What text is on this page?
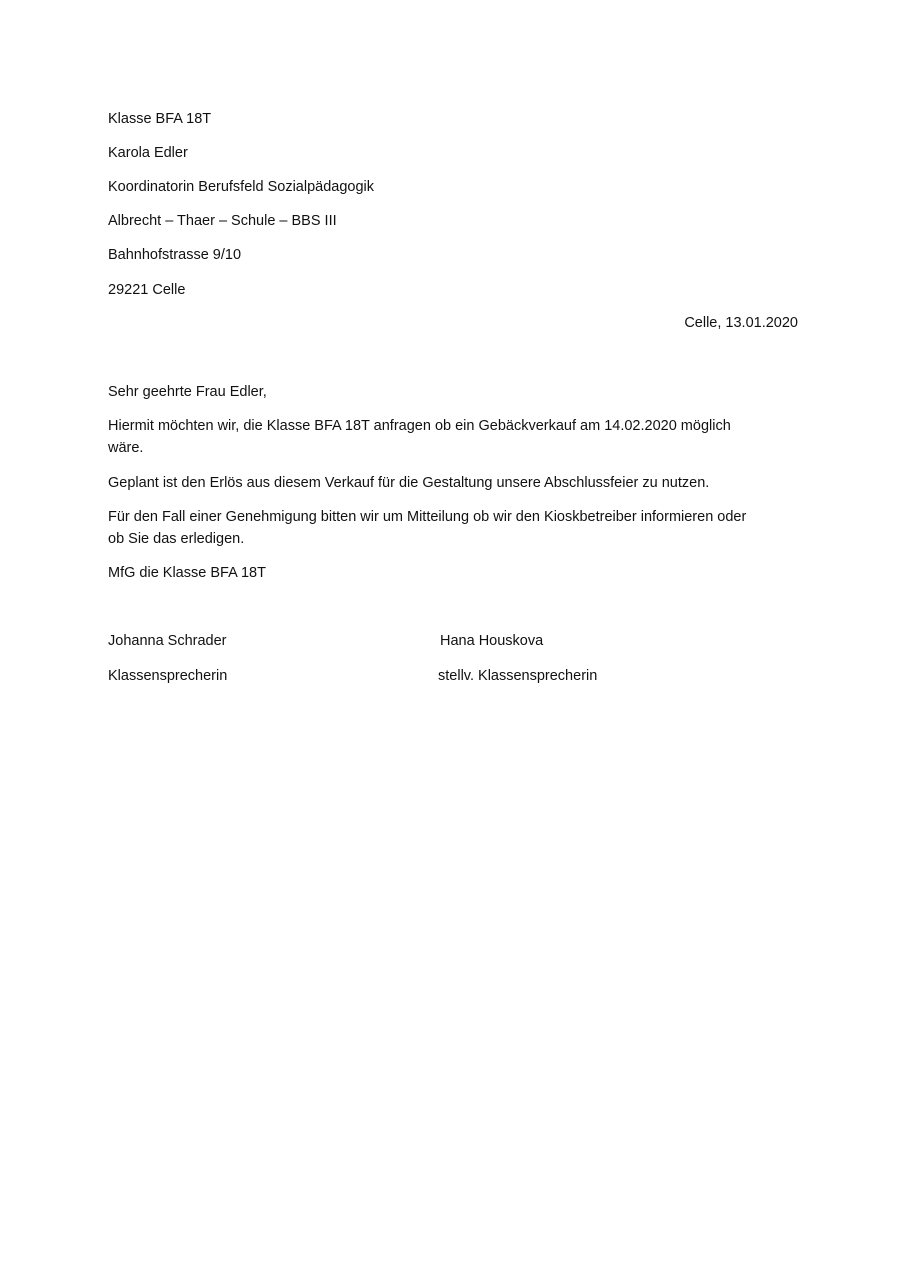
Klasse BFA 18T
Karola Edler
Koordinatorin Berufsfeld Sozialpädagogik
Albrecht – Thaer – Schule – BBS III
Bahnhofstrasse 9/10
29221 Celle
Celle, 13.01.2020
Sehr geehrte Frau Edler,
Hiermit möchten wir, die Klasse BFA 18T anfragen ob ein Gebäckverkauf am 14.02.2020 möglich
wäre.
Geplant ist den Erlös aus diesem Verkauf für die Gestaltung unsere Abschlussfeier zu nutzen.
Für den Fall einer Genehmigung bitten wir um Mitteilung ob wir den Kioskbetreiber informieren oder
ob Sie das erledigen.
MfG die Klasse BFA 18T
Johanna Schrader
Klassensprecherin
Hana Houskova
stellv. Klassensprecherin
